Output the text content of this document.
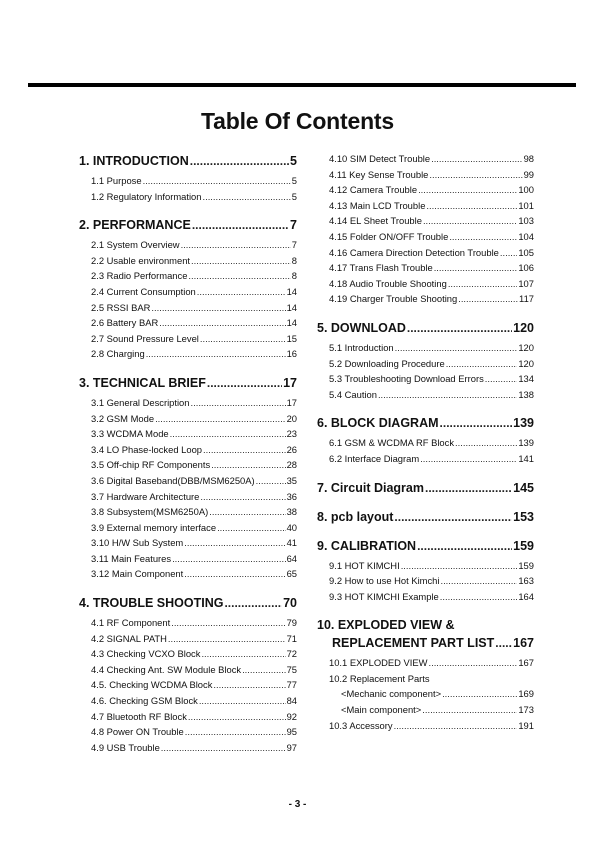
Table Of Contents
1. INTRODUCTION .....	5
1.1 Purpose .....	5
1.2 Regulatory Information .....	5
2. PERFORMANCE .....	7
2.1 System Overview .....	7
2.2 Usable environment .....	8
2.3 Radio Performance .....	8
2.4 Current Consumption .....	14
2.5 RSSI BAR .....	14
2.6 Battery BAR .....	14
2.7 Sound Pressure Level .....	15
2.8 Charging .....	16
3. TECHNICAL BRIEF .....	17
3.1 General Description .....	17
3.2 GSM Mode .....	20
3.3 WCDMA Mode .....	23
3.4 LO Phase-locked Loop .....	26
3.5 Off-chip RF Components .....	28
3.6 Digital Baseband(DBB/MSM6250A) .....	35
3.7 Hardware Architecture .....	36
3.8 Subsystem(MSM6250A) .....	38
3.9 External memory interface .....	40
3.10 H/W Sub System .....	41
3.11 Main Features .....	64
3.12 Main Component .....	65
4. TROUBLE SHOOTING .....	70
4.1 RF Component .....	79
4.2 SIGNAL PATH .....	71
4.3 Checking VCXO Block .....	72
4.4 Checking Ant. SW Module Block .....	75
4.5. Checking WCDMA Block .....	77
4.6. Checking GSM Block .....	84
4.7 Bluetooth RF Block .....	92
4.8 Power ON Trouble .....	95
4.9 USB Trouble .....	97
4.10 SIM Detect Trouble .....	98
4.11 Key Sense Trouble .....	99
4.12 Camera Trouble .....	100
4.13 Main LCD Trouble .....	101
4.14 EL Sheet Trouble .....	103
4.15 Folder ON/OFF Trouble .....	104
4.16 Camera Direction Detection Trouble ..... 105
4.17 Trans Flash Trouble .....	106
4.18 Audio Trouble Shooting .....	107
4.19 Charger Trouble Shooting .....	117
5. DOWNLOAD .....	120
5.1 Introduction .....	120
5.2 Downloading Procedure .....	120
5.3 Troubleshooting Download Errors .....	134
5.4 Caution .....	138
6. BLOCK DIAGRAM .....	139
6.1 GSM & WCDMA RF Block .....	139
6.2 Interface Diagram .....	141
7. Circuit Diagram .....	145
8. pcb layout .....	153
9. CALIBRATION .....	159
9.1 HOT KIMCHI .....	159
9.2 How to use Hot Kimchi .....	163
9.3 HOT KIMCHI Example .....	164
10. EXPLODED VIEW &
REPLACEMENT PART LIST ..... 167
10.1 EXPLODED VIEW .....	167
10.2 Replacement Parts
<Mechanic component> .....	169
<Main component> .....	173
10.3 Accessory .....	191
- 3 -
